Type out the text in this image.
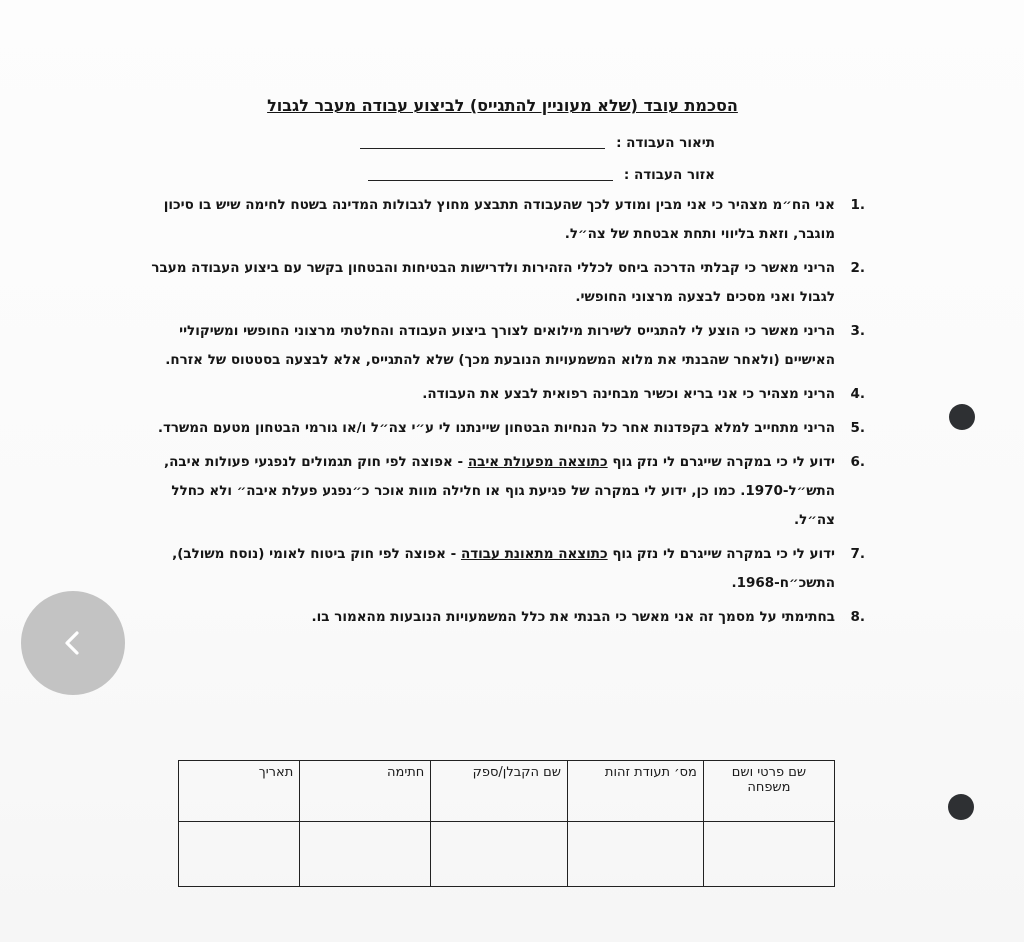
הסכמת עובד (שלא מעוניין להתגייס) לביצוע עבודה מעבר לגבול
תיאור העבודה :
אזור העבודה :
.1
אני הח״מ מצהיר כי אני מבין ומודע לכך שהעבודה תתבצע מחוץ לגבולות המדינה בשטח לחימה שיש בו סיכון מוגבר, וזאת בליווי ותחת אבטחת של צה״ל.
.2
הריני מאשר כי קבלתי הדרכה ביחס לכללי הזהירות ולדרישות הבטיחות והבטחון בקשר עם ביצוע העבודה מעבר לגבול ואני מסכים לבצעה מרצוני החופשי.
.3
הריני מאשר כי הוצע לי להתגייס לשירות מילואים לצורך ביצוע העבודה והחלטתי מרצוני החופשי ומשיקוליי האישיים (ולאחר שהבנתי את מלוא המשמעויות הנובעת מכך) שלא להתגייס, אלא לבצעה בסטטוס של אזרח.
.4
הריני מצהיר כי אני בריא וכשיר מבחינה רפואית לבצע את העבודה.
.5
הריני מתחייב למלא בקפדנות אחר כל הנחיות הבטחון שיינתנו לי ע״י צה״ל ו/או גורמי הבטחון מטעם המשרד.
.6
ידוע לי כי במקרה שייגרם לי נזק גוף כתוצאה מפעולת איבה - אפוצה לפי חוק תגמולים לנפגעי פעולות איבה, התש״ל-1970. כמו כן, ידוע לי במקרה של פגיעת גוף או חלילה מוות אוכר כ״נפגע פעלת איבה״ ולא כחלל צה״ל.
.7
ידוע לי כי במקרה שייגרם לי נזק גוף כתוצאה מתאונת עבודה - אפוצה לפי חוק ביטוח לאומי (נוסח משולב), התשכ״ח-1968.
.8
בחתימתי על מסמך זה אני מאשר כי הבנתי את כלל המשמעויות הנובעות מהאמור בו.
שם פרטי ושם משפחה	מס׳ תעודת זהות	שם הקבלן/ספק	חתימה	תאריך
